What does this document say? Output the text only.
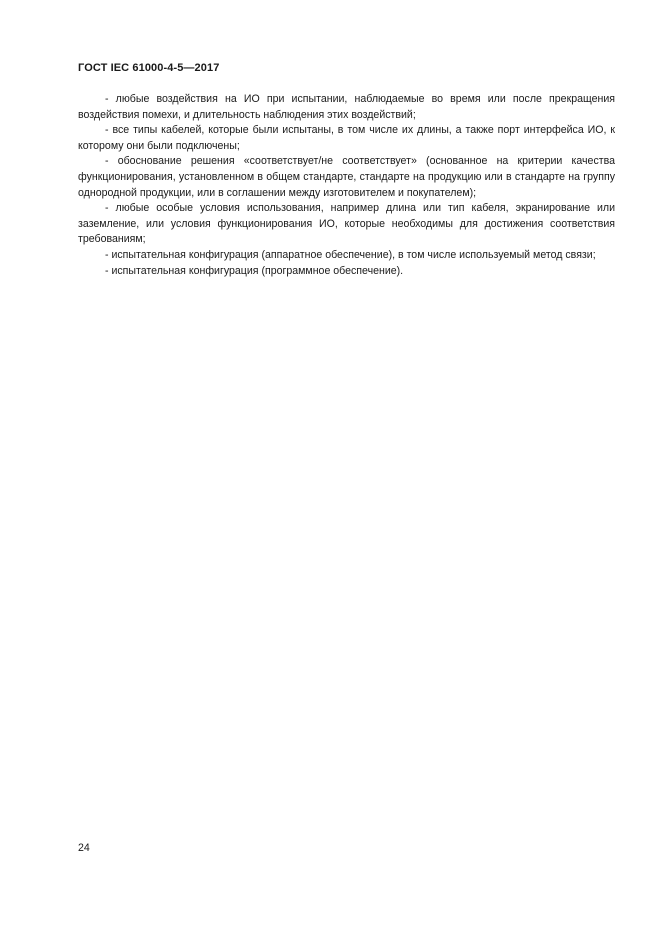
ГОСТ IEC 61000-4-5—2017

- любые воздействия на ИО при испытании, наблюдаемые во время или после прекращения воздействия помехи, и длительность наблюдения этих воздействий;

- все типы кабелей, которые были испытаны, в том числе их длины, а также порт интерфейса ИО, к которому они были подключены;

- обоснование решения «соответствует/не соответствует» (основанное на критерии качества функционирования, установленном в общем стандарте, стандарте на продукцию или в стандарте на группу однородной продукции, или в соглашении между изготовителем и покупателем);

- любые особые условия использования, например длина или тип кабеля, экранирование или заземление, или условия функционирования ИО, которые необходимы для достижения соответствия требованиям;

- испытательная конфигурация (аппаратное обеспечение), в том числе используемый метод связи;

- испытательная конфигурация (программное обеспечение).

24
